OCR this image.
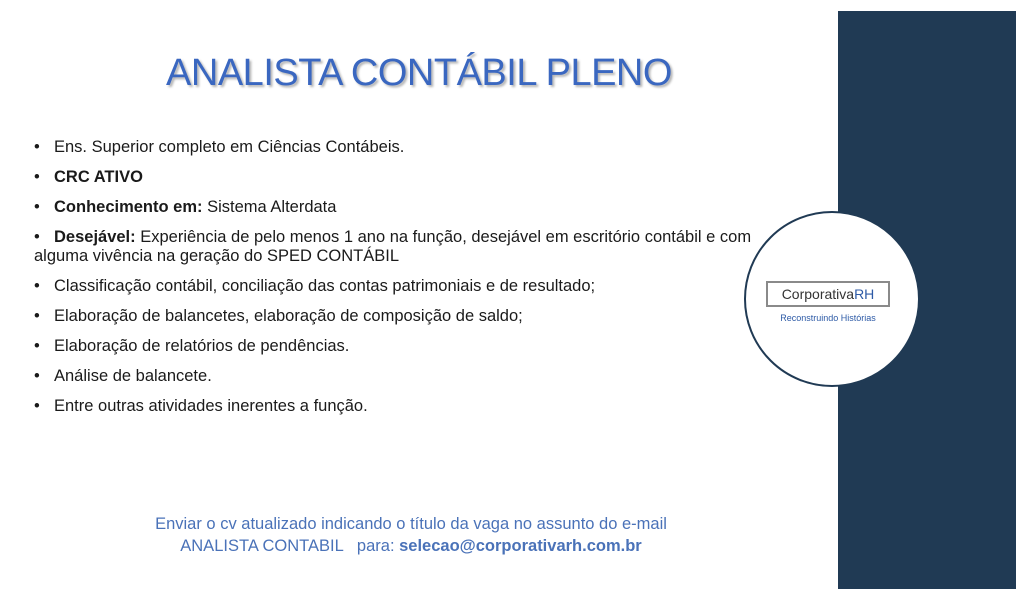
ANALISTA CONTÁBIL PLENO
• Ens. Superior completo em Ciências Contábeis.
• CRC ATIVO
• Conhecimento em: Sistema Alterdata
• Desejável: Experiência de pelo menos 1 ano na função, desejável em escritório contábil e com alguma vivência na geração do SPED CONTÁBIL
• Classificação contábil, conciliação das contas patrimoniais e de resultado;
• Elaboração de balancetes, elaboração de composição de saldo;
• Elaboração de relatórios de pendências.
• Análise de balancete.
• Entre outras atividades inerentes a função.
CorporativaRH
Reconstruindo Histórias
Enviar o cv atualizado indicando o título da vaga no assunto do e-mail
ANALISTA CONTABIL   para: selecao@corporativarh.com.br
